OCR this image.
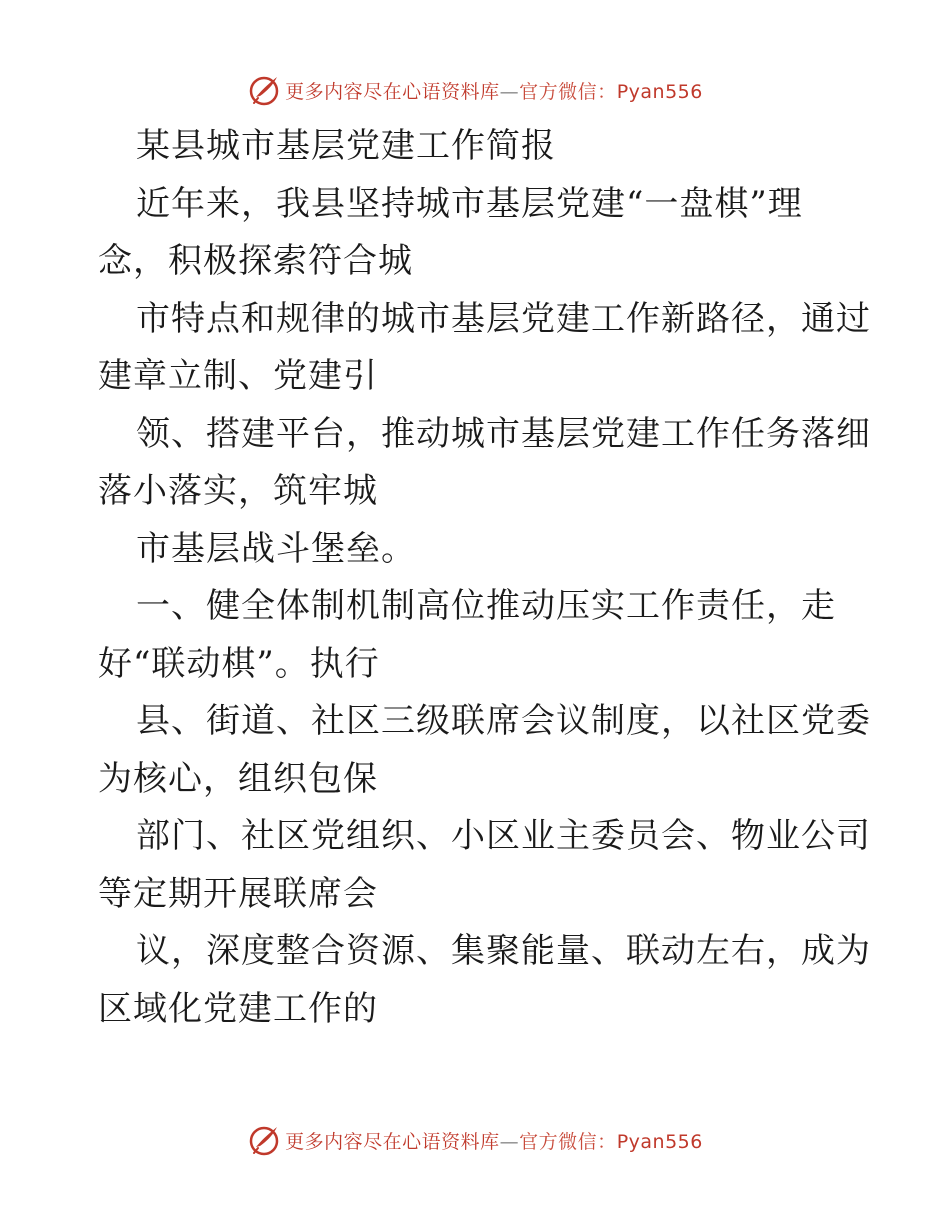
更多内容尽在心语资料库—官方微信：Pyan556
某县城市基层党建工作简报
近年来，我县坚持城市基层党建“一盘棋”理
念，积极探索符合城
市特点和规律的城市基层党建工作新路径，通过
建章立制、党建引
领、搭建平台，推动城市基层党建工作任务落细
落小落实，筑牢城
市基层战斗堡垒。
一、健全体制机制高位推动压实工作责任，走
好“联动棋”。执行
县、街道、社区三级联席会议制度，以社区党委
为核心，组织包保
部门、社区党组织、小区业主委员会、物业公司
等定期开展联席会
议，深度整合资源、集聚能量、联动左右，成为
区域化党建工作的
更多内容尽在心语资料库—官方微信：Pyan556
